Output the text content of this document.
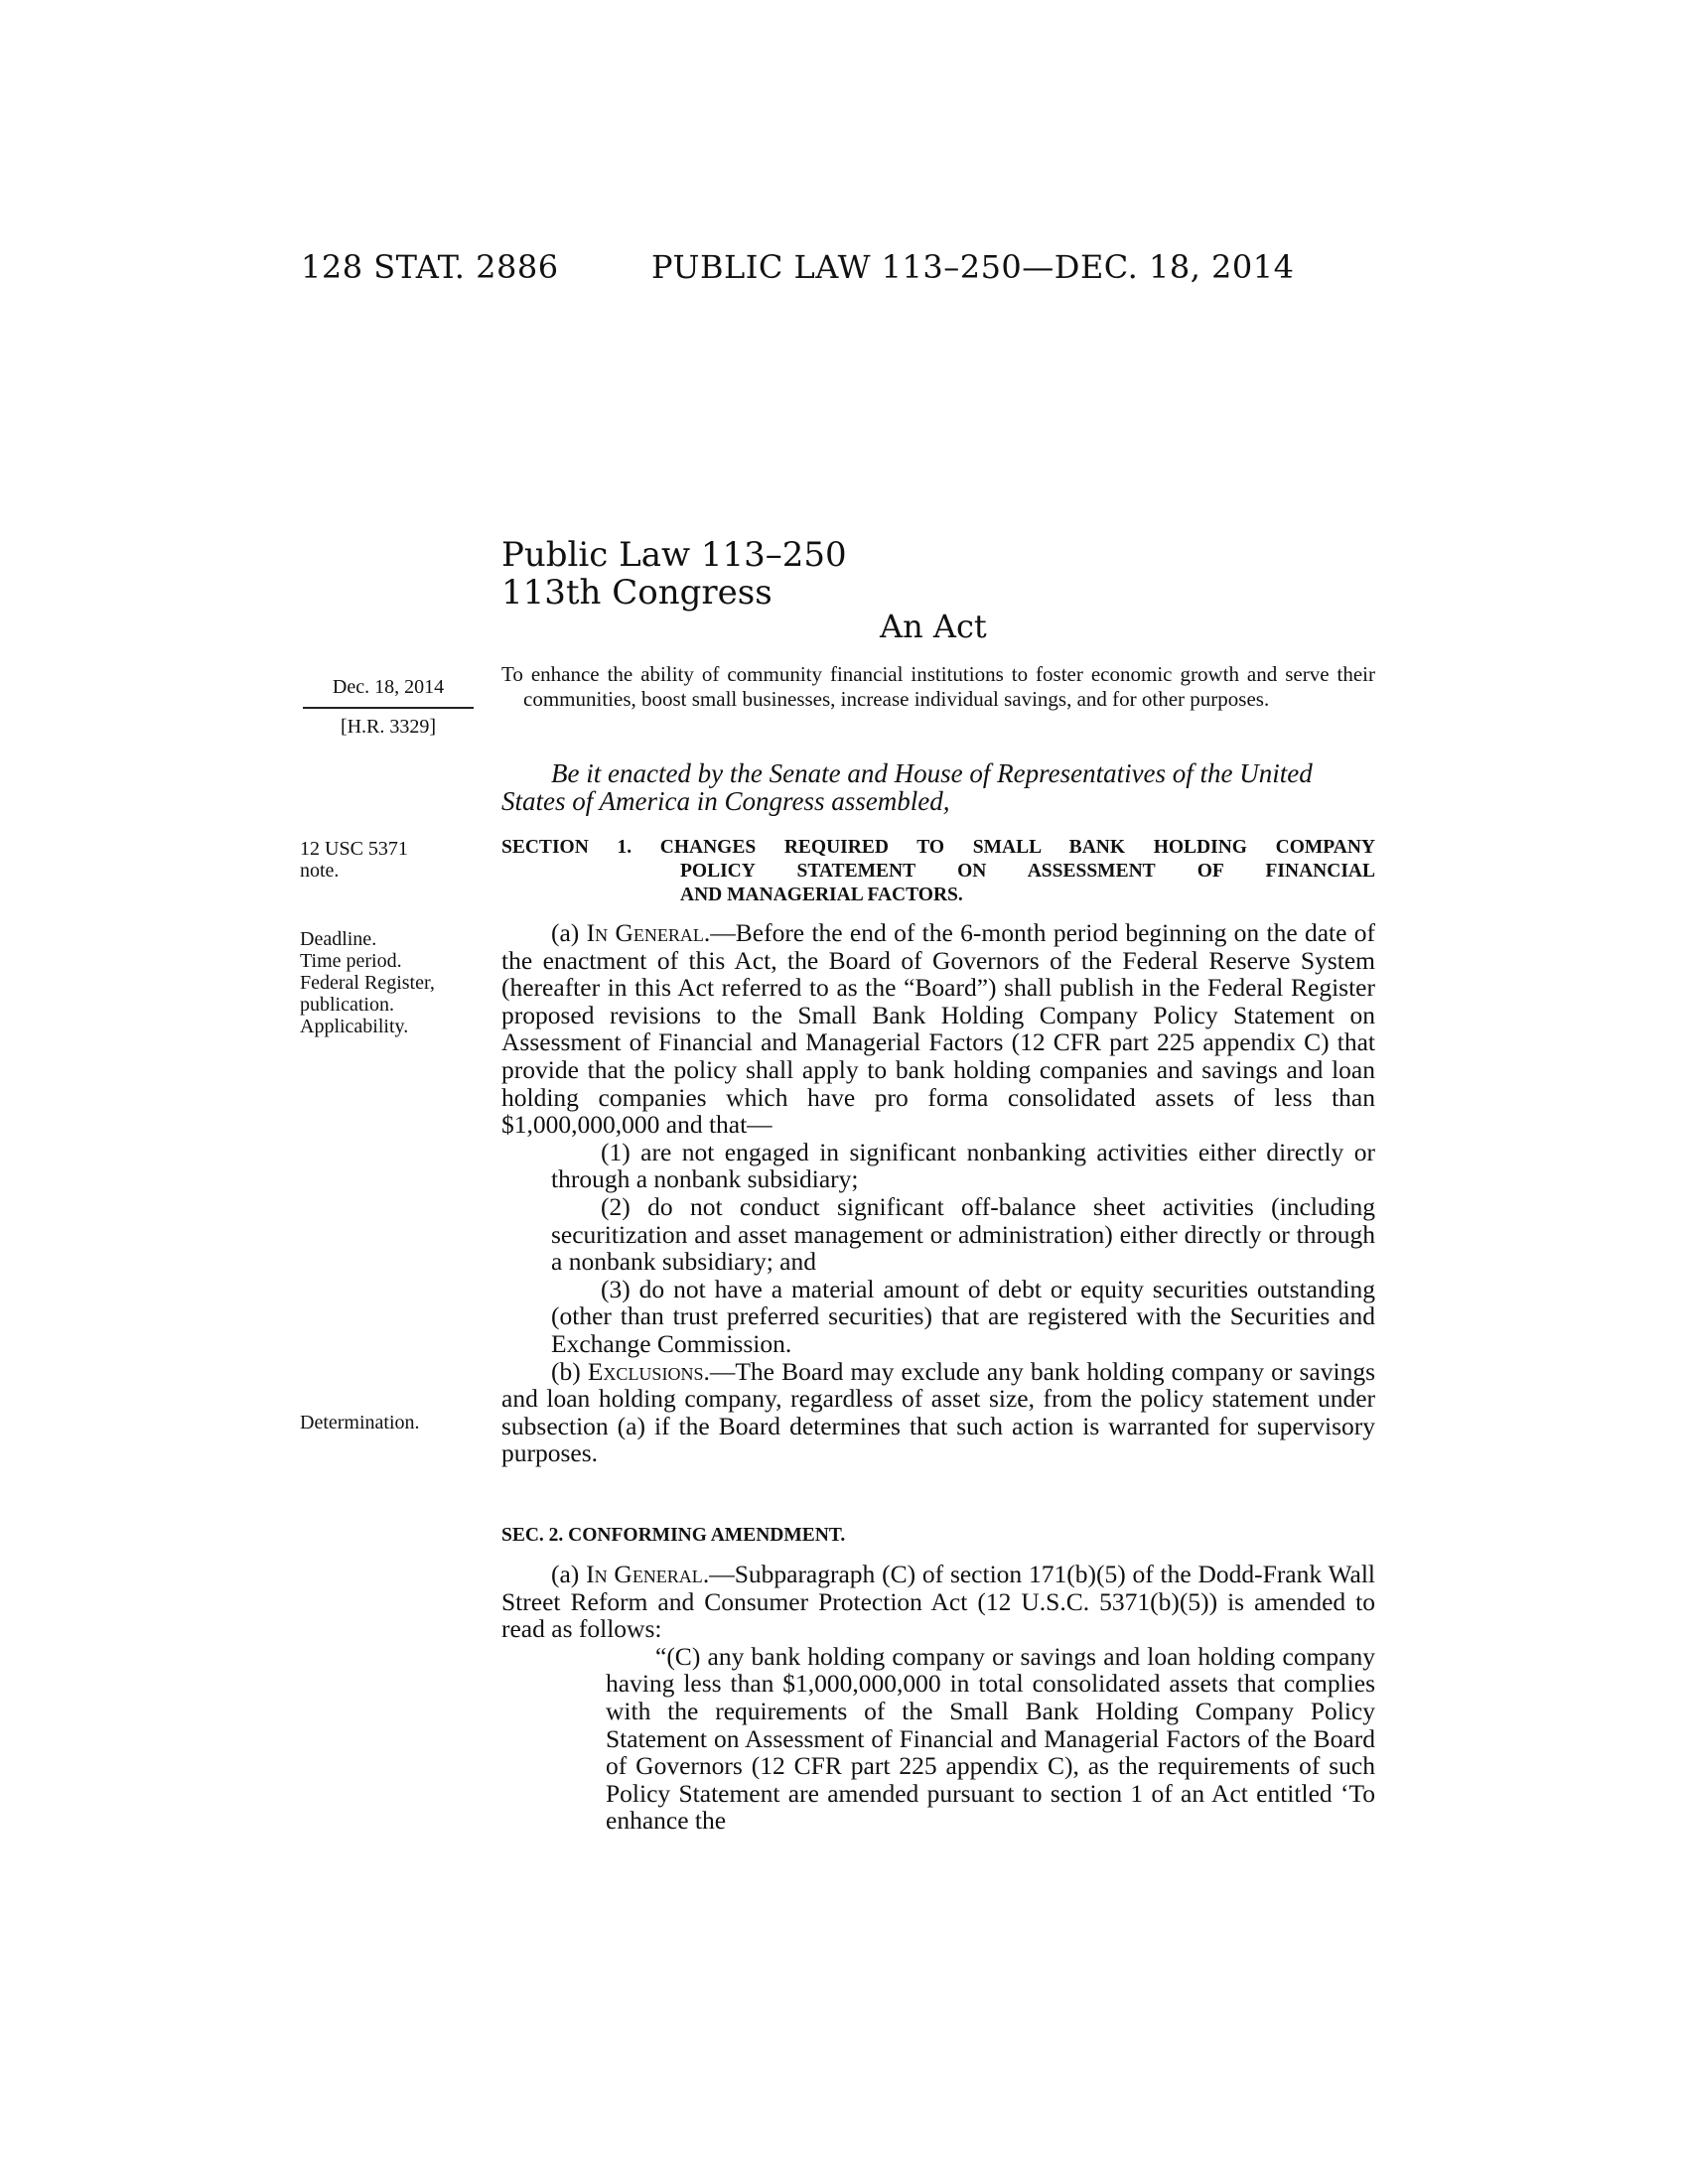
128 STAT. 2886	PUBLIC LAW 113–250—DEC. 18, 2014
Public Law 113–250
113th Congress
An Act
To enhance the ability of community financial institutions to foster economic growth and serve their communities, boost small businesses, increase individual savings, and for other purposes.
Dec. 18, 2014
[H.R. 3329]
Be it enacted by the Senate and House of Representatives of the United States of America in Congress assembled,
12 USC 5371 note.
Deadline.
Time period.
Federal Register, publication.
Applicability.
Determination.
SECTION 1. CHANGES REQUIRED TO SMALL BANK HOLDING COMPANY
POLICY STATEMENT ON ASSESSMENT OF FINANCIAL
AND MANAGERIAL FACTORS.
(a) In General.—Before the end of the 6-month period beginning on the date of the enactment of this Act, the Board of Governors of the Federal Reserve System (hereafter in this Act referred to as the “Board”) shall publish in the Federal Register proposed revisions to the Small Bank Holding Company Policy Statement on Assessment of Financial and Managerial Factors (12 CFR part 225 appendix C) that provide that the policy shall apply to bank holding companies and savings and loan holding companies which have pro forma consolidated assets of less than $1,000,000,000 and that—
(1) are not engaged in significant nonbanking activities either directly or through a nonbank subsidiary;
(2) do not conduct significant off-balance sheet activities (including securitization and asset management or administration) either directly or through a nonbank subsidiary; and
(3) do not have a material amount of debt or equity securities outstanding (other than trust preferred securities) that are registered with the Securities and Exchange Commission.
(b) Exclusions.—The Board may exclude any bank holding company or savings and loan holding company, regardless of asset size, from the policy statement under subsection (a) if the Board determines that such action is warranted for supervisory purposes.
SEC. 2. CONFORMING AMENDMENT.
(a) In General.—Subparagraph (C) of section 171(b)(5) of the Dodd-Frank Wall Street Reform and Consumer Protection Act (12 U.S.C. 5371(b)(5)) is amended to read as follows:
“(C) any bank holding company or savings and loan holding company having less than $1,000,000,000 in total consolidated assets that complies with the requirements of the Small Bank Holding Company Policy Statement on Assessment of Financial and Managerial Factors of the Board of Governors (12 CFR part 225 appendix C), as the requirements of such Policy Statement are amended pursuant to section 1 of an Act entitled ‘To enhance the
